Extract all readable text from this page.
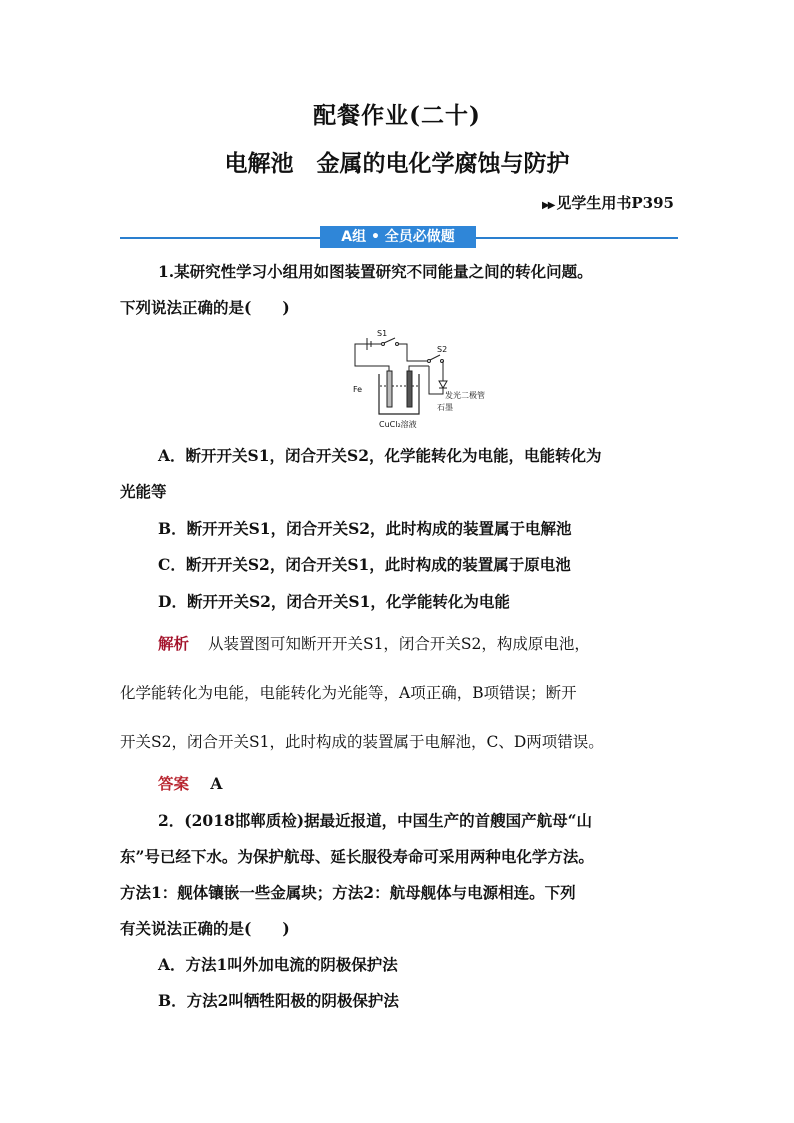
配餐作业(二十)
电解池　金属的电化学腐蚀与防护
▶▶ 见学生用书P395
A组 • 全员必做题
1.某研究性学习小组用如图装置研究不同能量之间的转化问题。
下列说法正确的是(　　)
S1
S2
Fe
发光二极管
石墨
CuCl₂溶液
A．断开开关S1，闭合开关S2，化学能转化为电能，电能转化为
光能等
B．断开开关S1，闭合开关S2，此时构成的装置属于电解池
C．断开开关S2，闭合开关S1，此时构成的装置属于原电池
D．断开开关S2，闭合开关S1，化学能转化为电能
解析 从装置图可知断开开关S1，闭合开关S2，构成原电池，
化学能转化为电能，电能转化为光能等，A项正确，B项错误；断开
开关S2，闭合开关S1，此时构成的装置属于电解池，C、D两项错误。
答案 A
2．(2018邯郸质检)据最近报道，中国生产的首艘国产航母“山
东”号已经下水。为保护航母、延长服役寿命可采用两种电化学方法。
方法1：舰体镶嵌一些金属块；方法2：航母舰体与电源相连。下列
有关说法正确的是(　　)
A．方法1叫外加电流的阴极保护法
B．方法2叫牺牲阳极的阴极保护法
